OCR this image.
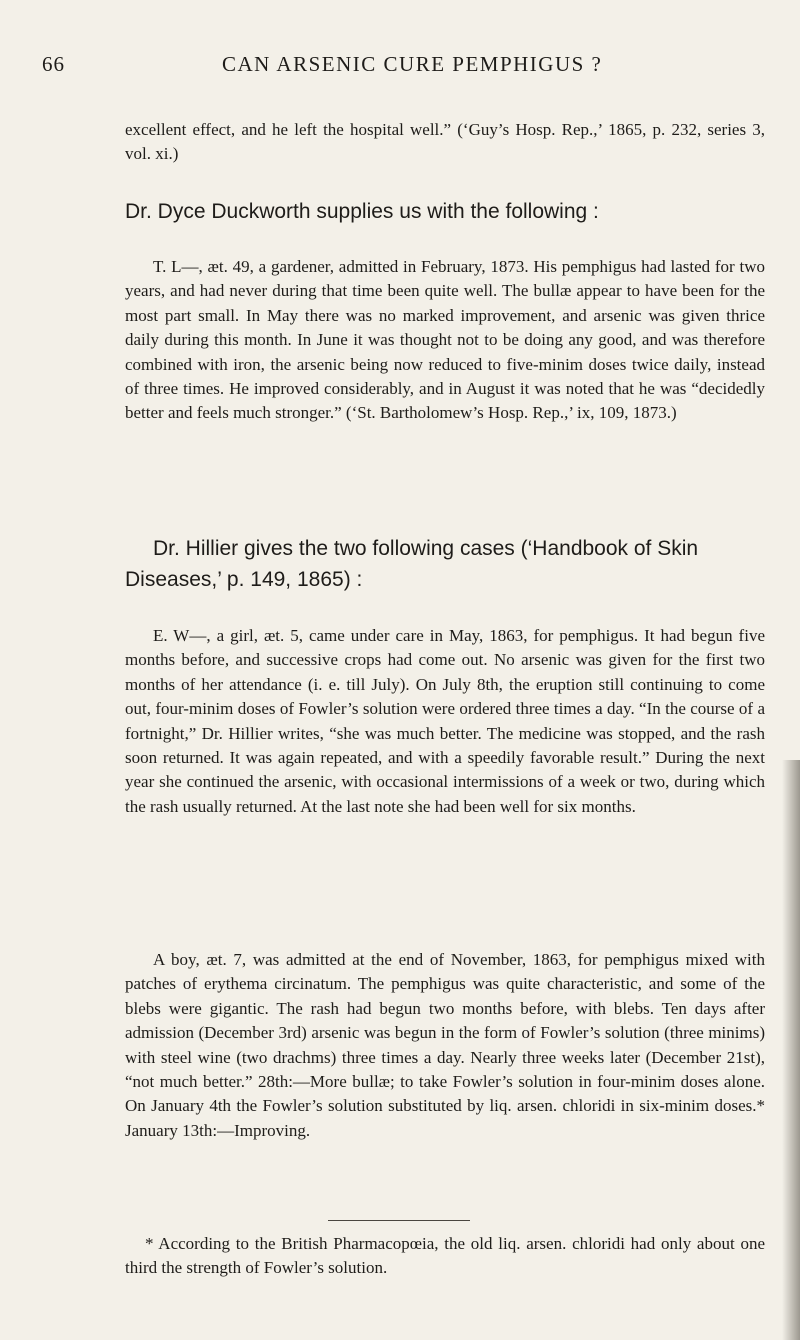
66	CAN ARSENIC CURE PEMPHIGUS ?

excellent effect, and he left the hospital well.” (‘Guy’s Hosp. Rep.,’ 1865, p. 232, series 3, vol. xi.)

Dr. Dyce Duckworth supplies us with the following :

T. L—, æt. 49, a gardener, admitted in February, 1873. His pemphigus had lasted for two years, and had never during that time been quite well. The bullæ appear to have been for the most part small. In May there was no marked improvement, and arsenic was given thrice daily during this month. In June it was thought not to be doing any good, and was therefore combined with iron, the arsenic being now reduced to five-minim doses twice daily, instead of three times. He improved considerably, and in August it was noted that he was “decidedly better and feels much stronger.” (‘St. Bartholomew’s Hosp. Rep.,’ ix, 109, 1873.)

Dr. Hillier gives the two following cases (‘Handbook of Skin Diseases,’ p. 149, 1865) :

E. W—, a girl, æt. 5, came under care in May, 1863, for pemphigus. It had begun five months before, and successive crops had come out. No arsenic was given for the first two months of her attendance (i. e. till July). On July 8th, the eruption still continuing to come out, four-minim doses of Fowler’s solution were ordered three times a day. “In the course of a fortnight,” Dr. Hillier writes, “she was much better. The medicine was stopped, and the rash soon returned. It was again repeated, and with a speedily favorable result.” During the next year she continued the arsenic, with occasional intermissions of a week or two, during which the rash usually returned. At the last note she had been well for six months.

A boy, æt. 7, was admitted at the end of November, 1863, for pemphigus mixed with patches of erythema circinatum. The pemphigus was quite characteristic, and some of the blebs were gigantic. The rash had begun two months before, with blebs. Ten days after admission (December 3rd) arsenic was begun in the form of Fowler’s solution (three minims) with steel wine (two drachms) three times a day. Nearly three weeks later (December 21st), “not much better.” 28th:—More bullæ; to take Fowler’s solution in four-minim doses alone. On January 4th the Fowler’s solution substituted by liq. arsen. chloridi in six-minim doses.* January 13th:—Improving.

* According to the British Pharmacopœia, the old liq. arsen. chloridi had only about one third the strength of Fowler’s solution.
